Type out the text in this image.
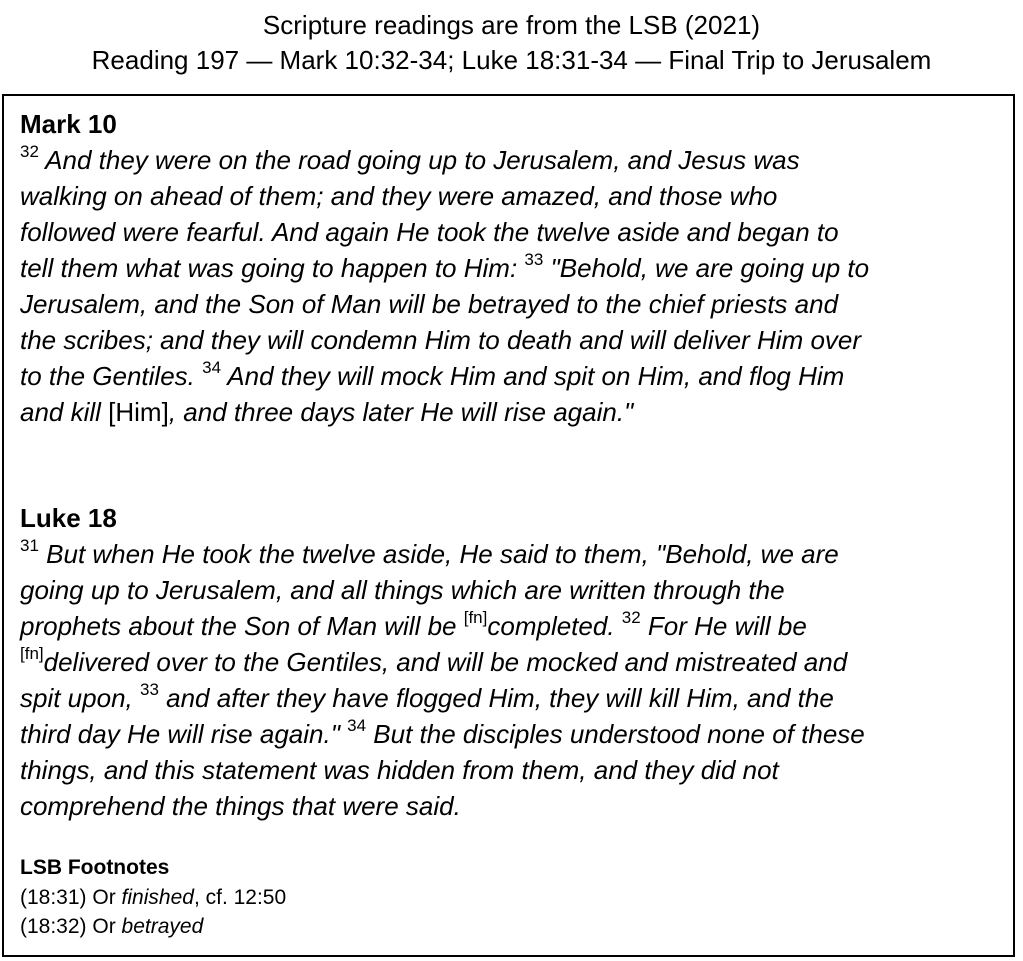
Scripture readings are from the LSB (2021)
Reading 197 — Mark 10:32-34; Luke 18:31-34 — Final Trip to Jerusalem
Mark 10
$^{32}$ And they were on the road going up to Jerusalem, and Jesus was
walking on ahead of them; and they were amazed, and those who
followed were fearful. And again He took the twelve aside and began to
tell them what was going to happen to Him: $^{33}$ "Behold, we are going up to
Jerusalem, and the Son of Man will be betrayed to the chief priests and
the scribes; and they will condemn Him to death and will deliver Him over
to the Gentiles. $^{34}$ And they will mock Him and spit on Him, and flog Him
and kill [Him], and three days later He will rise again."
Luke 18
$^{31}$ But when He took the twelve aside, He said to them, "Behold, we are
going up to Jerusalem, and all things which are written through the
prophets about the Son of Man will be [fn]completed. $^{32}$ For He will be
[fn]delivered over to the Gentiles, and will be mocked and mistreated and
spit upon, $^{33}$ and after they have flogged Him, they will kill Him, and the
third day He will rise again." $^{34}$ But the disciples understood none of these
things, and this statement was hidden from them, and they did not
comprehend the things that were said.
LSB Footnotes
(18:31) Or finished, cf. 12:50
(18:32) Or betrayed
